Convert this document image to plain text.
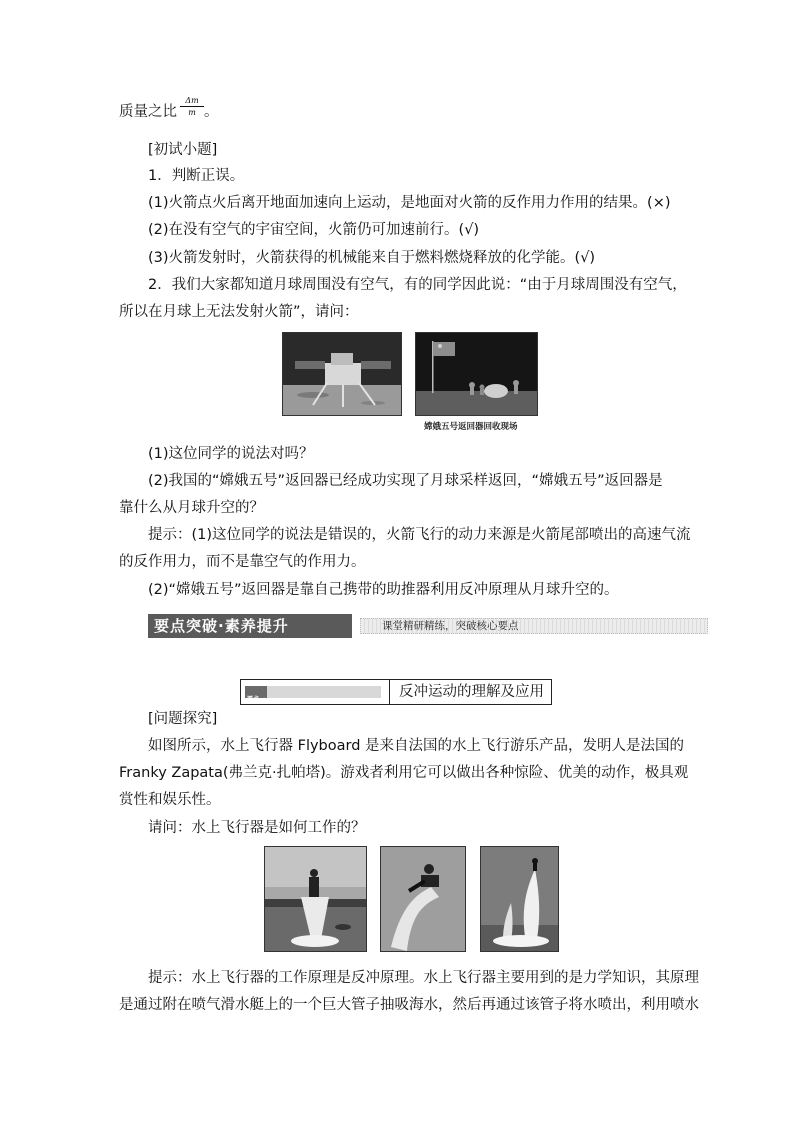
质量之比 $\frac{\Delta m}{m}$ 。
[初试小题]
1．判断正误。
(1)火箭点火后离开地面加速向上运动，是地面对火箭的反作用力作用的结果。(×)
(2)在没有空气的宇宙空间，火箭仍可加速前行。(√)
(3)火箭发射时，火箭获得的机械能来自于燃料燃烧释放的化学能。(√)
2．我们大家都知道月球周围没有空气，有的同学因此说：“由于月球周围没有空气，
所以在月球上无法发射火箭”，请问：
嫦娥五号返回器回收现场
(1)这位同学的说法对吗？
(2)我国的“嫦娥五号”返回器已经成功实现了月球采样返回，“嫦娥五号”返回器是
靠什么从月球升空的？
提示：(1)这位同学的说法是错误的，火箭飞行的动力来源是火箭尾部喷出的高速气流
的反作用力，而不是靠空气的作用力。
(2)“嫦娥五号”返回器是靠自己携带的助推器利用反冲原理从月球升空的。
要点突破·素养提升	课堂精研精练，突破核心要点
要点一	反冲运动的理解及应用
[问题探究]
如图所示，水上飞行器 Flyboard 是来自法国的水上飞行游乐产品，发明人是法国的
Franky Zapata(弗兰克·扎帕塔)。游戏者利用它可以做出各种惊险、优美的动作，极具观
赏性和娱乐性。
请问：水上飞行器是如何工作的？
提示：水上飞行器的工作原理是反冲原理。水上飞行器主要用到的是力学知识，其原理
是通过附在喷气滑水艇上的一个巨大管子抽吸海水，然后再通过该管子将水喷出，利用喷水
